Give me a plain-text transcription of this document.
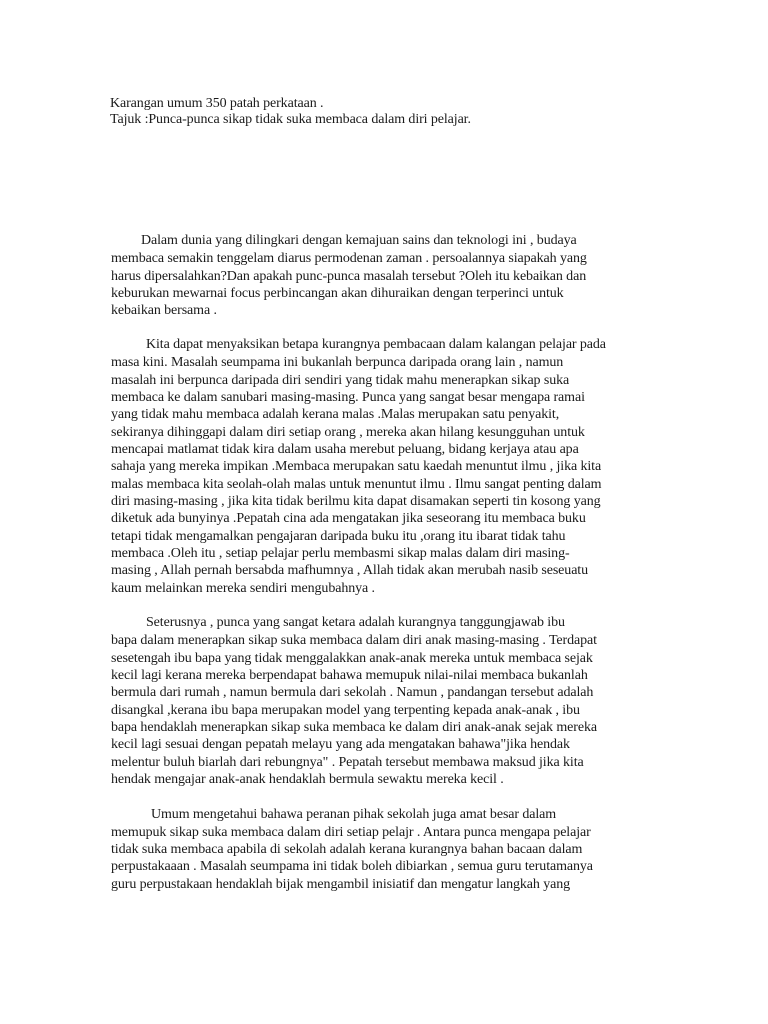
Karangan umum 350 patah perkataan .
Tajuk :Punca-punca sikap tidak suka membaca dalam diri pelajar.
Dalam dunia yang dilingkari dengan kemajuan sains dan teknologi ini , budaya
membaca semakin tenggelam diarus permodenan zaman . persoalannya siapakah yang
harus dipersalahkan?Dan apakah punc-punca masalah tersebut ?Oleh itu kebaikan dan
keburukan mewarnai focus perbincangan akan dihuraikan dengan terperinci untuk
kebaikan bersama .
Kita dapat menyaksikan betapa kurangnya pembacaan dalam kalangan pelajar pada
masa kini. Masalah seumpama ini bukanlah berpunca daripada orang lain , namun
masalah ini berpunca daripada diri sendiri yang tidak mahu menerapkan sikap suka
membaca ke dalam sanubari masing-masing. Punca yang sangat besar mengapa ramai
yang tidak mahu membaca adalah kerana malas .Malas merupakan satu penyakit,
sekiranya dihinggapi dalam diri setiap orang , mereka akan hilang kesungguhan untuk
mencapai matlamat tidak kira dalam usaha merebut peluang, bidang kerjaya atau apa
sahaja yang mereka impikan .Membaca merupakan satu kaedah menuntut ilmu , jika kita
malas membaca kita seolah-olah malas untuk menuntut ilmu . Ilmu sangat penting dalam
diri masing-masing , jika kita tidak berilmu kita dapat disamakan seperti tin kosong yang
diketuk ada bunyinya .Pepatah cina ada mengatakan jika seseorang itu membaca buku
tetapi tidak mengamalkan pengajaran daripada buku itu ,orang itu ibarat tidak tahu
membaca .Oleh itu , setiap pelajar perlu membasmi sikap malas dalam diri masing-
masing , Allah pernah bersabda mafhumnya , Allah tidak akan merubah nasib seseuatu
kaum melainkan mereka sendiri mengubahnya .
Seterusnya , punca yang sangat ketara adalah kurangnya tanggungjawab ibu
bapa dalam menerapkan sikap suka membaca dalam diri anak masing-masing . Terdapat
sesetengah ibu bapa yang tidak menggalakkan anak-anak mereka untuk membaca sejak
kecil lagi kerana mereka berpendapat bahawa memupuk nilai-nilai membaca bukanlah
bermula dari rumah , namun bermula dari sekolah . Namun , pandangan tersebut adalah
disangkal ,kerana ibu bapa merupakan model yang terpenting kepada anak-anak , ibu
bapa hendaklah menerapkan sikap suka membaca ke dalam diri anak-anak sejak mereka
kecil lagi sesuai dengan pepatah melayu yang ada mengatakan bahawa"jika hendak
melentur buluh biarlah dari rebungnya" . Pepatah tersebut membawa maksud jika kita
hendak mengajar anak-anak hendaklah bermula sewaktu mereka kecil .
Umum mengetahui bahawa peranan pihak sekolah juga amat besar dalam
memupuk sikap suka membaca dalam diri setiap pelajr . Antara punca mengapa pelajar
tidak suka membaca apabila di sekolah adalah kerana kurangnya bahan bacaan dalam
perpustakaaan . Masalah seumpama ini tidak boleh dibiarkan , semua guru terutamanya
guru perpustakaan hendaklah bijak mengambil inisiatif dan mengatur langkah yang
